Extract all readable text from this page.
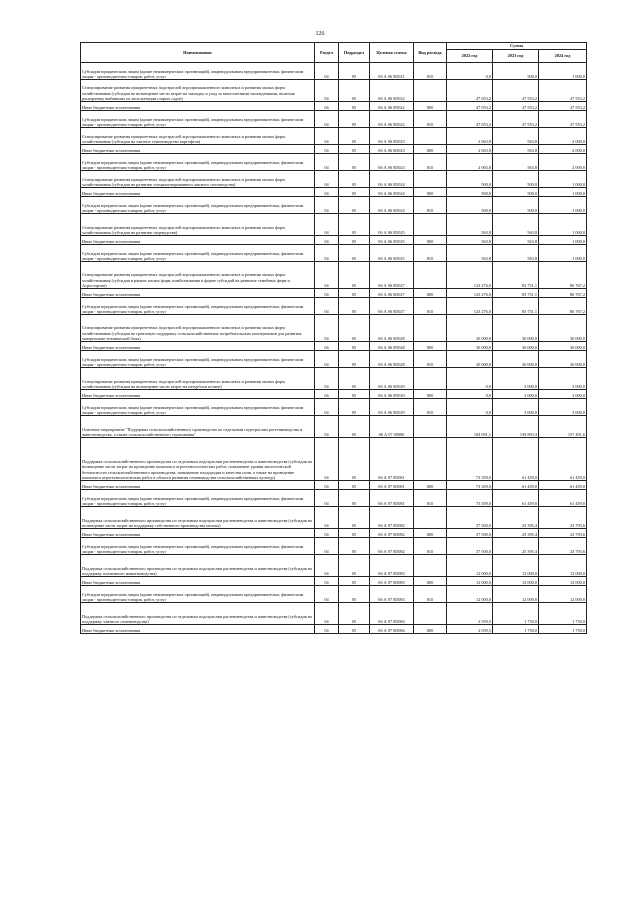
126
Наименование	Раздел	Подраздел	Целевая статья	Вид расхода	Сумма		
					2022 год	2023 год	2024 год
Субсидии юридическим лицам (кроме некоммерческих организаций), индивидуальным предпринимателям, физическим лицам - производителям товаров, работ, услуг	04	05	06 А 06 R5021	810	0,0	500,0	1 000,0
Стимулирование развития приоритетных подотраслей агропромышленного комплекса и развития малых форм хозяйствования (субсидия на возмещение части затрат на закладку и уход за многолетними насаждениями, включая раскорчевку выбывших из эксплуатации старых садов)	04	05	06 А 06 R5022		47 053,2	47 553,2	47 553,2
Иные бюджетные ассигнования	04	05	06 А 06 R5022	800	47 053,2	47 553,2	47 553,2
Субсидии юридическим лицам (кроме некоммерческих организаций), индивидуальным предпринимателям, физическим лицам - производителям товаров, работ, услуг	04	05	06 А 06 R5022	810	47 053,2	47 553,2	47 553,2
Стимулирование развития приоритетных подотраслей агропромышленного комплекса и развития малых форм хозяйствования (субсидия на элитное семеноводство картофеля)	04	05	06 А 06 R5023		2 063,8	563,8	2 000,0
Иные бюджетные ассигнования	04	05	06 А 06 R5023	800	2 063,8	563,8	2 000,0
Субсидии юридическим лицам (кроме некоммерческих организаций), индивидуальным предпринимателям, физическим лицам - производителям товаров, работ, услуг	04	05	06 А 06 R5023	810	2 063,8	563,8	2 000,0
Стимулирование развития приоритетных подотраслей агропромышленного комплекса и развития малых форм хозяйствования (субсидия на развитие специализированного мясного скотоводства)	04	05	06 А 06 R5024		500,0	500,0	1 000,0
Иные бюджетные ассигнования	04	05	06 А 06 R5024	800	500,0	500,0	1 000,0
Субсидии юридическим лицам (кроме некоммерческих организаций), индивидуальным предпринимателям, физическим лицам - производителям товаров, работ, услуг	04	05	06 А 06 R5024	810	500,0	500,0	1 000,0
Стимулирование развития приоритетных подотраслей агропромышленного комплекса и развития малых форм хозяйствования (субсидия на развитие овцеводства)	04	05	06 А 06 R5025		563,8	563,8	1 000,0
Иные бюджетные ассигнования	04	05	06 А 06 R5025	800	563,8	563,8	1 000,0
Субсидии юридическим лицам (кроме некоммерческих организаций), индивидуальным предпринимателям, физическим лицам - производителям товаров, работ, услуг	04	05	06 А 06 R5025	810	563,8	563,8	1 000,0
Стимулирование развития приоритетных подотраслей агропромышленного комплекса и развития малых форм хозяйствования (субсидия в рамках малых форм хозяйствования в форме субсидий на развитие семейных ферм и Агростартап)	04	05	06 А 06 R5027		123 276,0	83 751,1	86 767,2
Иные бюджетные ассигнования	04	05	06 А 06 R5027	800	123 276,0	83 751,1	86 767,2
Субсидии юридическим лицам (кроме некоммерческих организаций), индивидуальным предпринимателям, физическим лицам - производителям товаров, работ, услуг	04	05	06 А 06 R5027	810	123 276,0	83 751,1	86 767,2
Стимулирование развития приоритетных подотраслей агропромышленного комплекса и развития малых форм хозяйствования (субсидия на грантовую поддержку сельскохозяйственных потребительских кооперативов для развития материально-технической базы)	04	05	06 А 06 R5028		30 000,0	30 000,0	30 000,0
Иные бюджетные ассигнования	04	05	06 А 06 R5028	800	30 000,0	30 000,0	30 000,0
Субсидии юридическим лицам (кроме некоммерческих организаций), индивидуальным предпринимателям, физическим лицам - производителям товаров, работ, услуг	04	05	06 А 06 R5028	810	30 000,0	30 000,0	30 000,0
Стимулирование развития приоритетных подотраслей агропромышленного комплекса и развития малых форм хозяйствования (субсидия на возмещение части затрат на патурбохи кстине)	04	05	06 А 06 R5029		0,0	3 000,0	3 000,0
Иные бюджетные ассигнования	04	05	06 А 06 R5029	800	0,0	3 000,0	3 000,0
Субсидии юридическим лицам (кроме некоммерческих организаций), индивидуальным предпринимателям, физическим лицам - производителям товаров, работ, услуг	04	05	06 А 06 R5029	810	0,0	3 000,0	3 000,0
Основное мероприятие "Поддержка сельскохозяйственного производства по отдельным подотраслям растениеводства и животноводства, а также сельскохозяйственного страхования"	04	05	06 А 07 00000		184 091,1	139 893,3	157 491,6
Поддержка сельскохозяйственного производства по отдельным подотраслям растениеводства и животноводства (субсидия на возмещение части затрат на проведение комплекса агротехнологических работ, повышение уровня экологической безопасности сельскохозяйственного производства, повышение плодородия и качества почв, а также на проведение комплекса агротехнологических работ в области развития семеноводства сельскохозяйственных культур)	04	05	06 А 07 R5081		73 359,0	61 459,0	61 459,0
Иные бюджетные ассигнования	04	05	06 А 07 R5081	800	73 359,0	61 459,0	61 459,0
Субсидии юридическим лицам (кроме некоммерческих организаций), индивидуальным предпринимателям, физическим лицам - производителям товаров, работ, услуг	04	05	06 А 07 R5081	810	73 359,0	61 459,0	61 459,0
Поддержка сельскохозяйственного производства по отдельным подотраслям растениеводства и животноводства (субсидия на возмещение части затрат на поддержку собственного производства молока)	04	05	06 А 07 R5082		37 500,0	25 395,4	23 793,6
Иные бюджетные ассигнования	04	05	06 А 07 R5082	800	37 500,0	25 395,4	23 793,6
Субсидии юридическим лицам (кроме некоммерческих организаций), индивидуальным предпринимателям, физическим лицам - производителям товаров, работ, услуг	04	05	06 А 07 R5082	810	37 500,0	25 395,4	23 793,6
Поддержка сельскохозяйственного производства по отдельным подотраслям растениеводства и животноводства (субсидия на поддержку племенного животноводства)	04	05	06 А 07 R5083		12 000,0	12 000,0	12 000,0
Иные бюджетные ассигнования	04	05	06 А 07 R5083	800	12 000,0	12 000,0	12 000,0
Субсидии юридическим лицам (кроме некоммерческих организаций), индивидуальным предпринимателям, физическим лицам - производителям товаров, работ, услуг	04	05	06 А 07 R5083	810	12 000,0	12 000,0	12 000,0
Поддержка сельскохозяйственного производства по отдельным подотраслям растениеводства и животноводства (субсидия на поддержку элитного семеноводства)	04	05	06 А 07 R5084		2 059,5	1 750,0	1 750,0
Иные бюджетные ассигнования	04	05	06 А 07 R5084	800	2 059,5	1 750,0	1 750,0
